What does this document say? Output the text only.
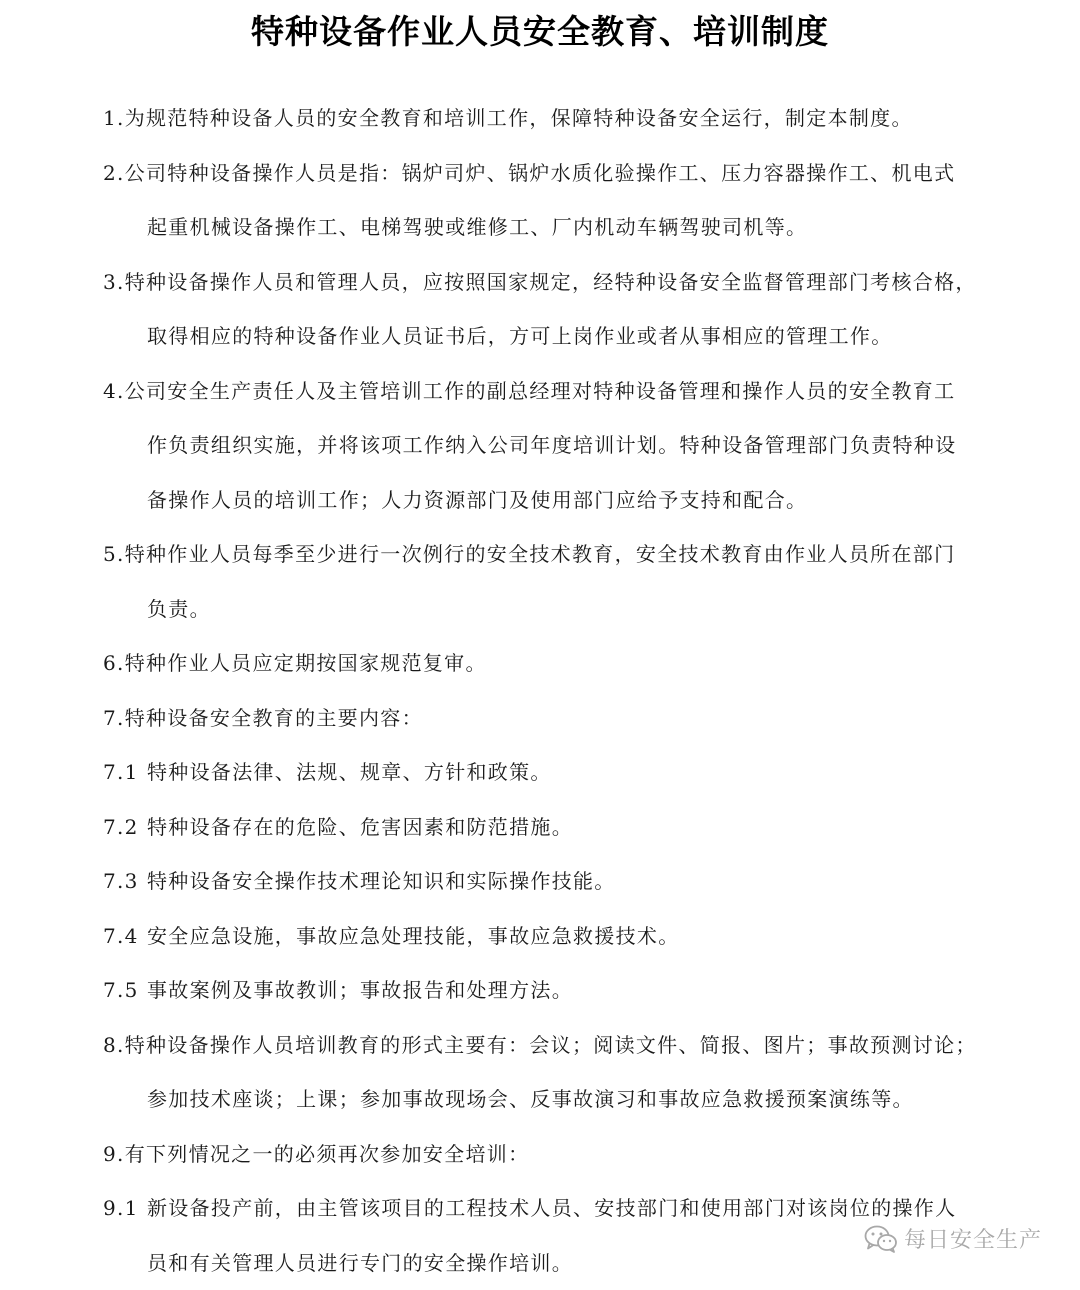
特种设备作业人员安全教育、培训制度
1.为规范特种设备人员的安全教育和培训工作，保障特种设备安全运行，制定本制度。
2.公司特种设备操作人员是指：锅炉司炉、锅炉水质化验操作工、压力容器操作工、机电式
起重机械设备操作工、电梯驾驶或维修工、厂内机动车辆驾驶司机等。
3.特种设备操作人员和管理人员，应按照国家规定，经特种设备安全监督管理部门考核合格，
取得相应的特种设备作业人员证书后，方可上岗作业或者从事相应的管理工作。
4.公司安全生产责任人及主管培训工作的副总经理对特种设备管理和操作人员的安全教育工
作负责组织实施，并将该项工作纳入公司年度培训计划。特种设备管理部门负责特种设
备操作人员的培训工作；人力资源部门及使用部门应给予支持和配合。
5.特种作业人员每季至少进行一次例行的安全技术教育，安全技术教育由作业人员所在部门
负责。
6.特种作业人员应定期按国家规范复审。
7.特种设备安全教育的主要内容：
7.1 特种设备法律、法规、规章、方针和政策。
7.2 特种设备存在的危险、危害因素和防范措施。
7.3 特种设备安全操作技术理论知识和实际操作技能。
7.4 安全应急设施，事故应急处理技能，事故应急救援技术。
7.5 事故案例及事故教训；事故报告和处理方法。
8.特种设备操作人员培训教育的形式主要有：会议；阅读文件、简报、图片；事故预测讨论；
参加技术座谈；上课；参加事故现场会、反事故演习和事故应急救援预案演练等。
9.有下列情况之一的必须再次参加安全培训：
9.1 新设备投产前，由主管该项目的工程技术人员、安技部门和使用部门对该岗位的操作人
员和有关管理人员进行专门的安全操作培训。
每日安全生产
